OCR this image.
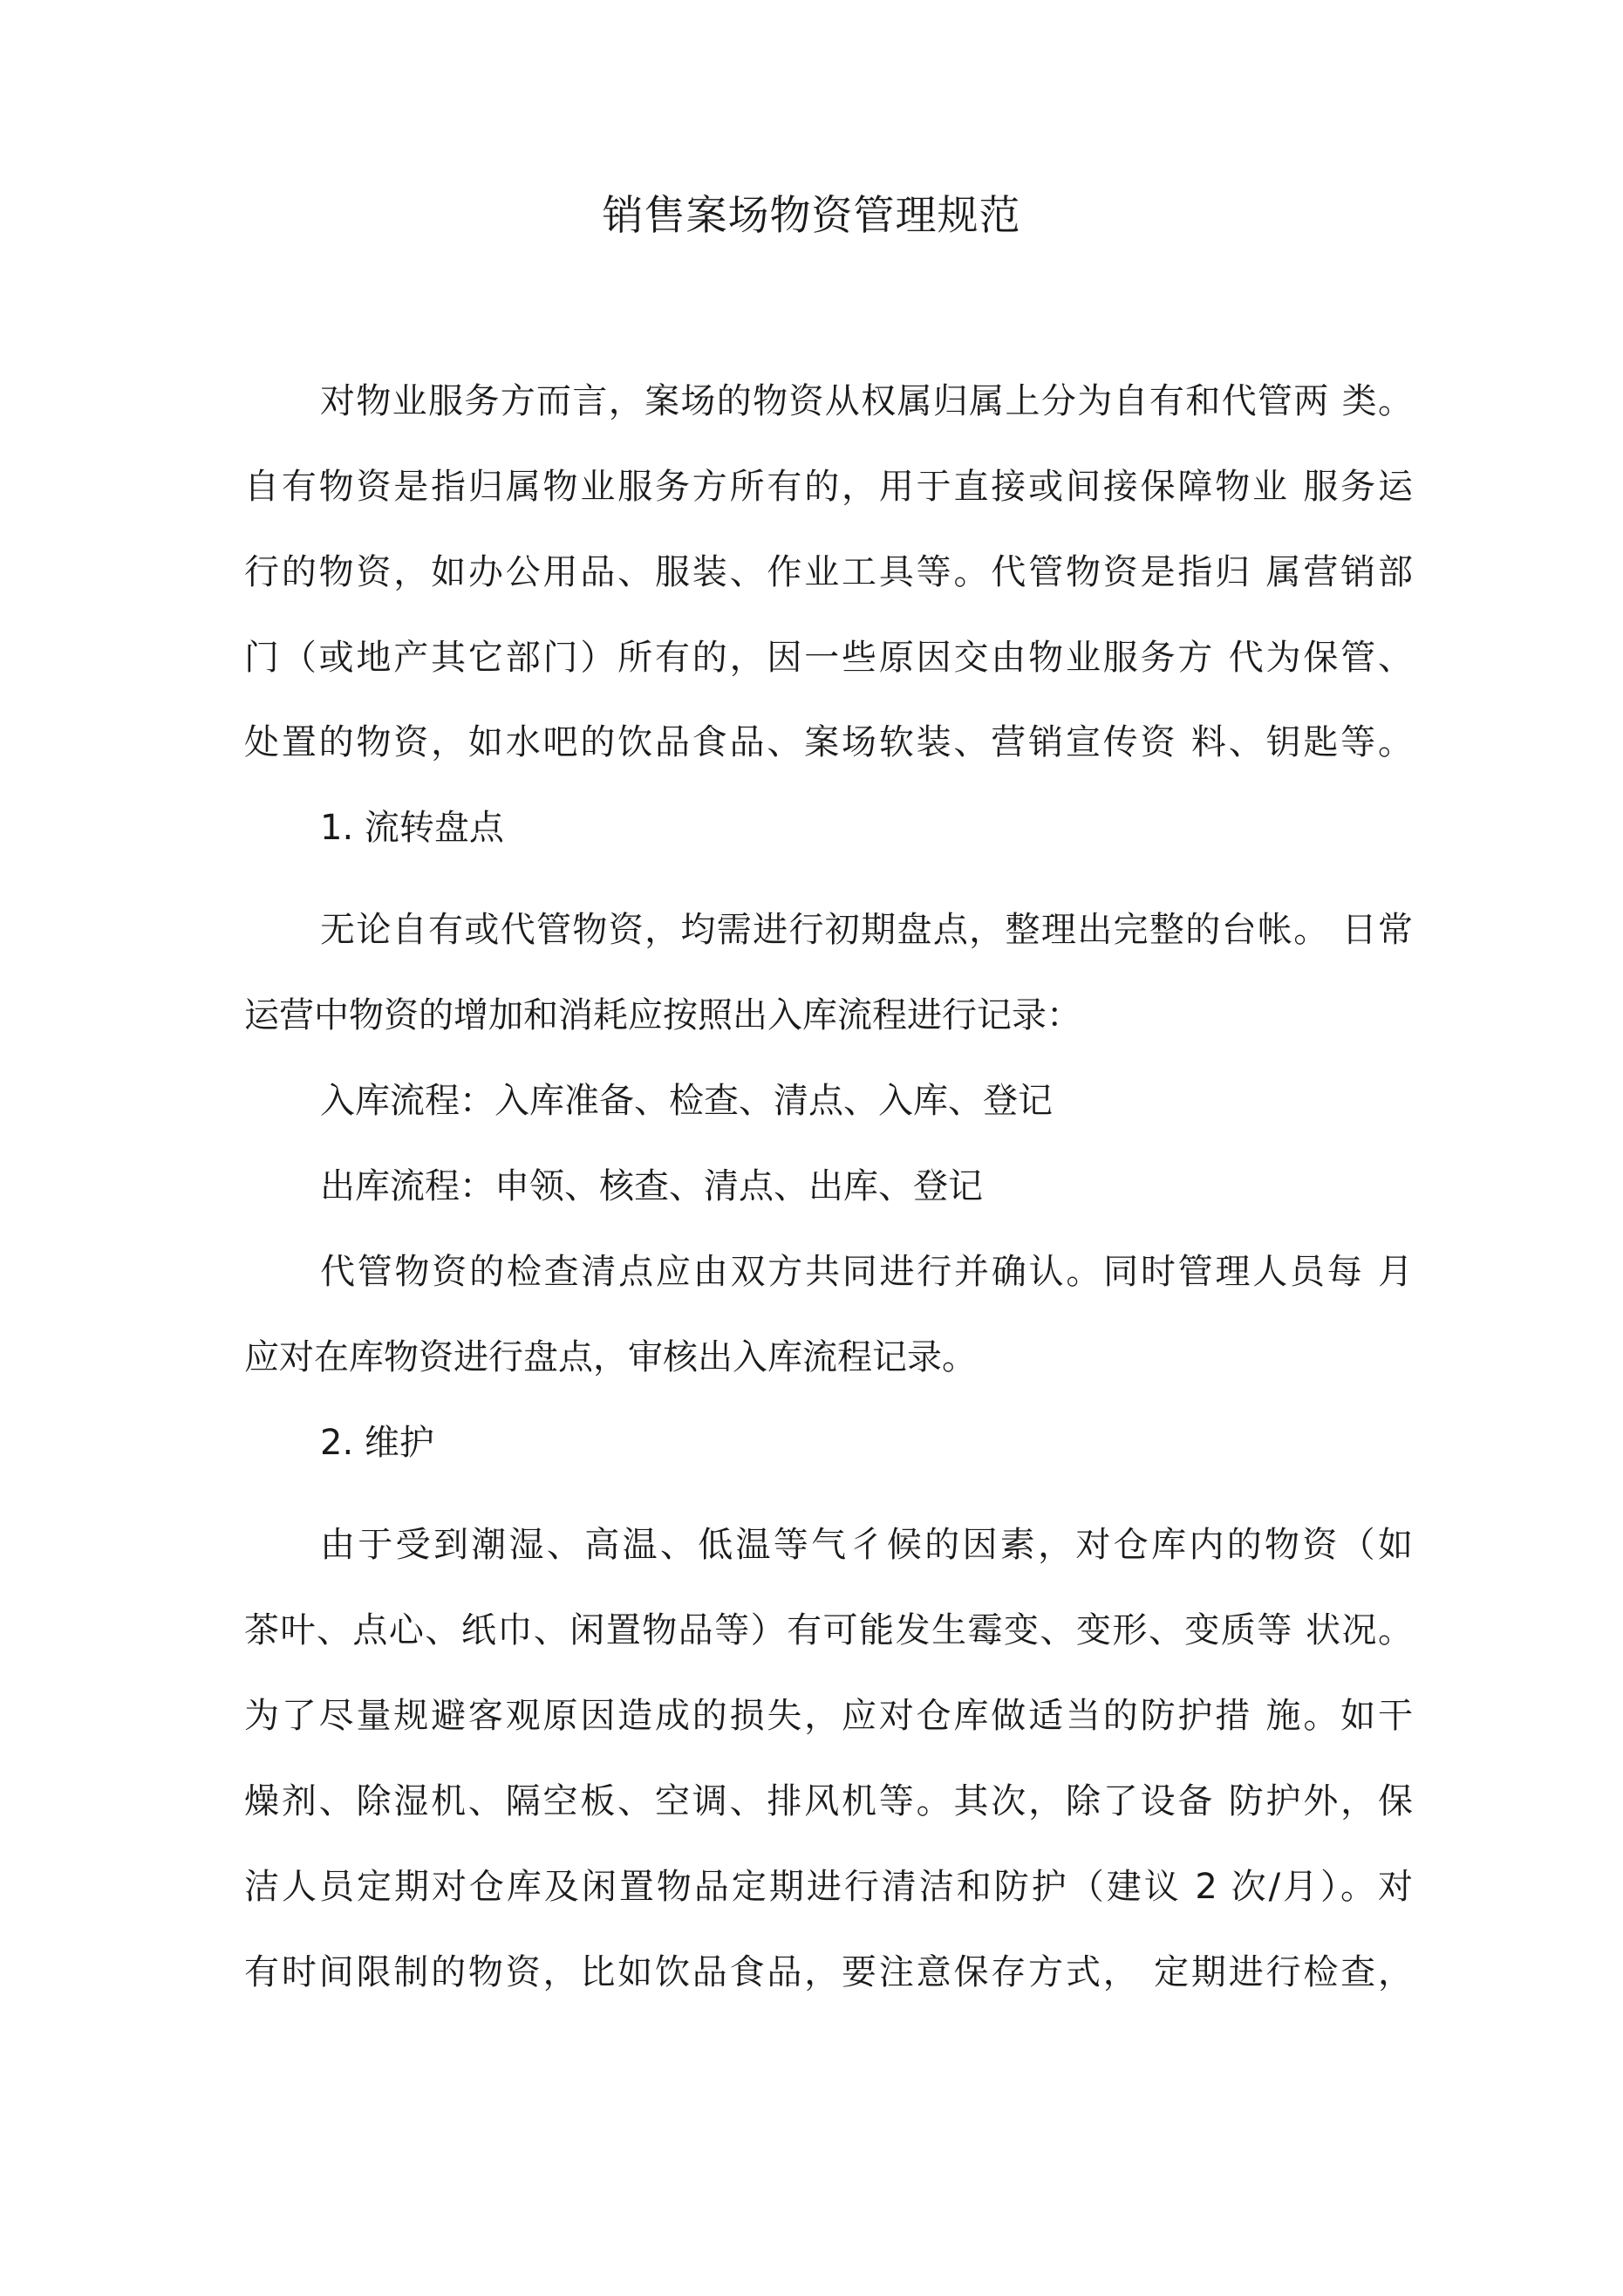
销售案场物资管理规范
对物业服务方而言，案场的物资从权属归属上分为自有和代管两 类。
自有物资是指归属物业服务方所有的，用于直接或间接保障物业 服务运
行的物资，如办公用品、服装、作业工具等。代管物资是指归 属营销部
门（或地产其它部门）所有的，因一些原因交由物业服务方 代为保管、
处置的物资，如水吧的饮品食品、案场软装、营销宣传资 料、钥匙等。
1. 流转盘点
无论自有或代管物资，均需进行初期盘点，整理出完整的台帐。 日常
运营中物资的增加和消耗应按照出入库流程进行记录：
入库流程：入库准备、检查、清点、入库、登记
出库流程：申领、核查、清点、出库、登记
代管物资的检查清点应由双方共同进行并确认。同时管理人员每 月
应对在库物资进行盘点，审核出入库流程记录。
2. 维护
由于受到潮湿、高温、低温等气彳候的因素，对仓库内的物资（如
茶叶、点心、纸巾、闲置物品等）有可能发生霉变、变形、变质等 状况。
为了尽量规避客观原因造成的损失，应对仓库做适当的防护措 施。如干
燥剂、除湿机、隔空板、空调、排风机等。其次，除了设备 防护外，保
洁人员定期对仓库及闲置物品定期进行清洁和防护（建议 2 次/月）。对
有时间限制的物资，比如饮品食品，要注意保存方式， 定期进行检查，
